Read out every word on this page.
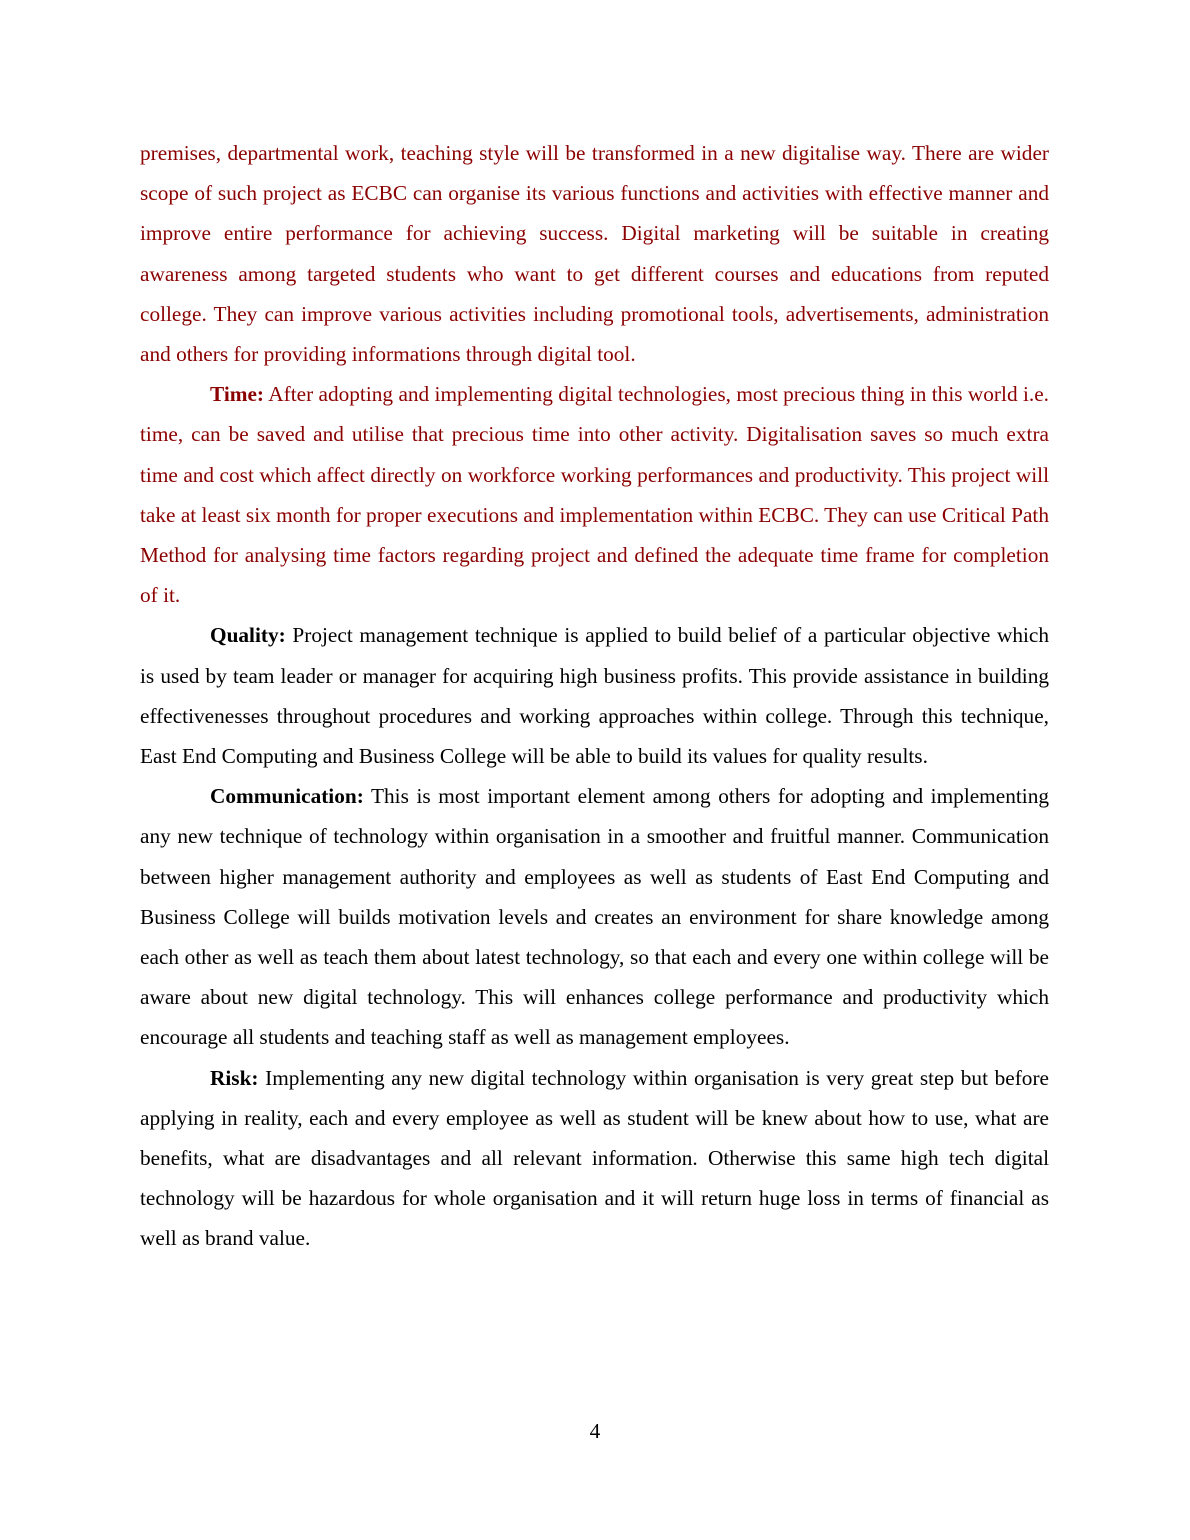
premises, departmental work, teaching style will be transformed in a new digitalise way. There are wider scope of such project as ECBC can organise its various functions and activities with effective manner and improve entire performance for achieving success. Digital marketing will be suitable in creating awareness among targeted students who want to get different courses and educations from reputed college. They can improve various activities including promotional tools, advertisements, administration and others for providing informations through digital tool.

Time: After adopting and implementing digital technologies, most precious thing in this world i.e. time, can be saved and utilise that precious time into other activity. Digitalisation saves so much extra time and cost which affect directly on workforce working performances and productivity. This project will take at least six month for proper executions and implementation within ECBC. They can use Critical Path Method for analysing time factors regarding project and defined the adequate time frame for completion of it.

Quality: Project management technique is applied to build belief of a particular objective which is used by team leader or manager for acquiring high business profits. This provide assistance in building effectivenesses throughout procedures and working approaches within college. Through this technique, East End Computing and Business College will be able to build its values for quality results.

Communication: This is most important element among others for adopting and implementing any new technique of technology within organisation in a smoother and fruitful manner. Communication between higher management authority and employees as well as students of East End Computing and Business College will builds motivation levels and creates an environment for share knowledge among each other as well as teach them about latest technology, so that each and every one within college will be aware about new digital technology. This will enhances college performance and productivity which encourage all students and teaching staff as well as management employees.

Risk: Implementing any new digital technology within organisation is very great step but before applying in reality, each and every employee as well as student will be knew about how to use, what are benefits, what are disadvantages and all relevant information. Otherwise this same high tech digital technology will be hazardous for whole organisation and it will return huge loss in terms of financial as well as brand value.

4
